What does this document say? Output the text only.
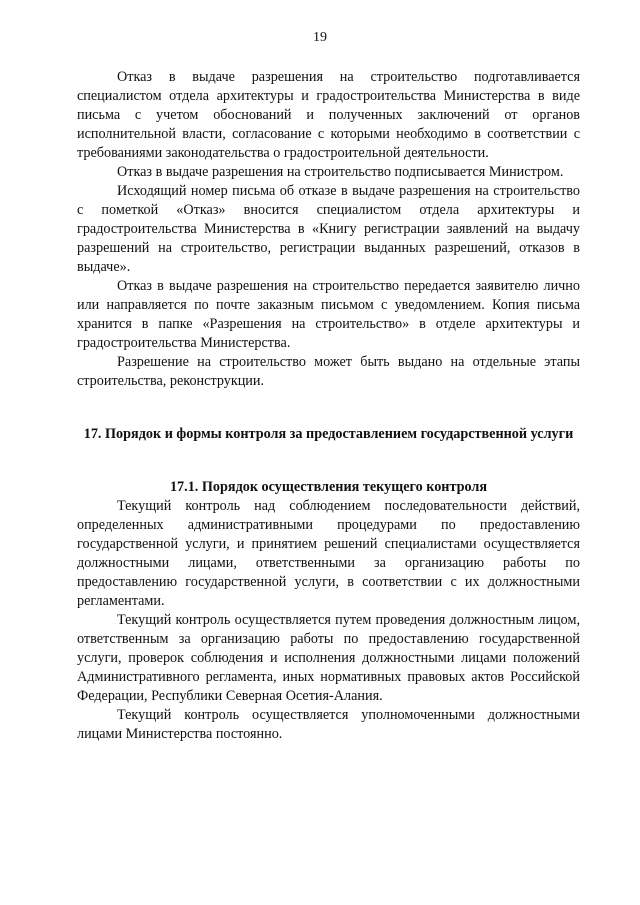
19

Отказ в выдаче разрешения на строительство подготавливается специалистом отдела архитектуры и градостроительства Министерства в виде письма с учетом обоснований и полученных заключений от органов исполнительной власти, согласование с которыми необходимо в соответствии с требованиями законодательства о градостроительной деятельности.

Отказ в выдаче разрешения на строительство подписывается Министром.

Исходящий номер письма об отказе в выдаче разрешения на строительство с пометкой «Отказ» вносится специалистом отдела архитектуры и градостроительства Министерства в «Книгу регистрации заявлений на выдачу разрешений на строительство, регистрации выданных разрешений, отказов в выдаче».

Отказ в выдаче разрешения на строительство передается заявителю лично или направляется по почте заказным письмом с уведомлением. Копия письма хранится в папке «Разрешения на строительство» в отделе архитектуры и градостроительства Министерства.

Разрешение на строительство может быть выдано на отдельные этапы строительства, реконструкции.

17. Порядок и формы контроля за предоставлением государственной услуги
17.1. Порядок осуществления текущего контроля

Текущий контроль над соблюдением последовательности действий, определенных административными процедурами по предоставлению государственной услуги, и принятием решений специалистами осуществляется должностными лицами, ответственными за организацию работы по предоставлению государственной услуги, в соответствии с их должностными регламентами.

Текущий контроль осуществляется путем проведения должностным лицом, ответственным за организацию работы по предоставлению государственной услуги, проверок соблюдения и исполнения должностными лицами положений Административного регламента, иных нормативных правовых актов Российской Федерации, Республики Северная Осетия-Алания.

Текущий контроль осуществляется уполномоченными должностными лицами Министерства постоянно.
